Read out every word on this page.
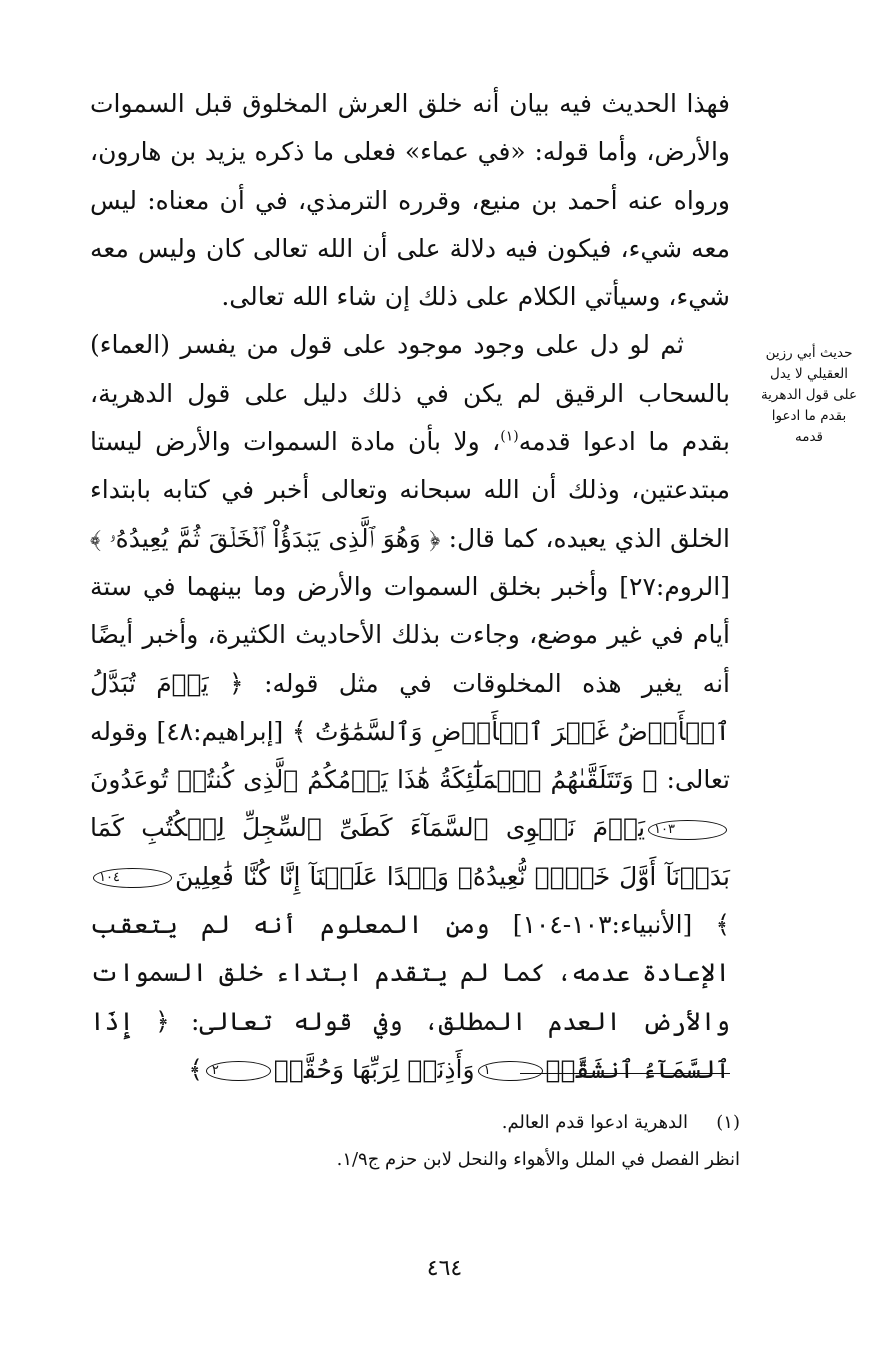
فهذا الحديث فيه بيان أنه خلق العرش المخلوق قبل السموات والأرض، وأما قوله: «في عماء» فعلى ما ذكره يزيد بن هارون، ورواه عنه أحمد بن منيع، وقرره الترمذي، في أن معناه: ليس معه شيء، فيكون فيه دلالة على أن الله تعالى كان وليس معه شيء، وسيأتي الكلام على ذلك إن شاء الله تعالى.

ثم لو دل على وجود موجود على قول من يفسر (العماء) بالسحاب الرقيق لم يكن في ذلك دليل على قول الدهرية، بقدم ما ادعوا قدمه$^{(١)}$، ولا بأن مادة السموات والأرض ليستا مبتدعتين، وذلك أن الله سبحانه وتعالى أخبر في كتابه بابتداء الخلق الذي يعيده، كما قال: ﴿ وَهُوَ ٱلَّذِى يَبۡدَؤُاْ ٱلۡخَلۡقَ ثُمَّ يُعِيدُهُۥ ﴾ [الروم:٢٧] وأخبر بخلق السموات والأرض وما بينهما في ستة أيام في غير موضع، وجاءت بذلك الأحاديث الكثيرة، وأخبر أيضًا أنه يغير هذه المخلوقات في مثل قوله: ﴿ يَوۡمَ تُبَدَّلُ ٱلۡأَرۡضُ غَيۡرَ ٱلۡأَرۡضِ وَٱلسَّمَٰوَٰتُ ﴾ [إبراهيم:٤٨] وقوله تعالى: ﴿ وَتَتَلَقَّىٰهُمُ ٱلۡمَلَٰٓئِكَةُ هَٰذَا يَوۡمُكُمُ ٱلَّذِى كُنتُمۡ تُوعَدُونَ١٠٣يَوۡمَ نَطۡوِى ٱلسَّمَآءَ كَطَىِّ ٱلسِّجِلِّ لِلۡكُتُبِ كَمَا بَدَأۡنَآ أَوَّلَ خَلۡقٖ نُّعِيدُهُۥ وَعۡدًا عَلَيۡنَآ إِنَّا كُنَّا فَٰعِلِينَ١٠٤﴾ [الأنبياء:١٠٣-١٠٤] ومن المعلوم أنه لم يتعقب الإعادة عدمه، كما لم يتقدم ابتداء خلق السموات والأرض العدم المطلق، وفي قوله تعالى: ﴿ إِذَا ٱلسَّمَآءُ ٱنشَقَّتۡ١وَأَذِنَتۡ لِرَبِّهَا وَحُقَّتۡ٢﴾

حديث أبي رزين العقيلي لا يدل على قول الدهرية بقدم ما ادعوا قدمه

(١)الدهرية ادعوا قدم العالم.
انظر الفصل في الملل والأهواء والنحل لابن حزم ج١/٩.

٤٦٤
